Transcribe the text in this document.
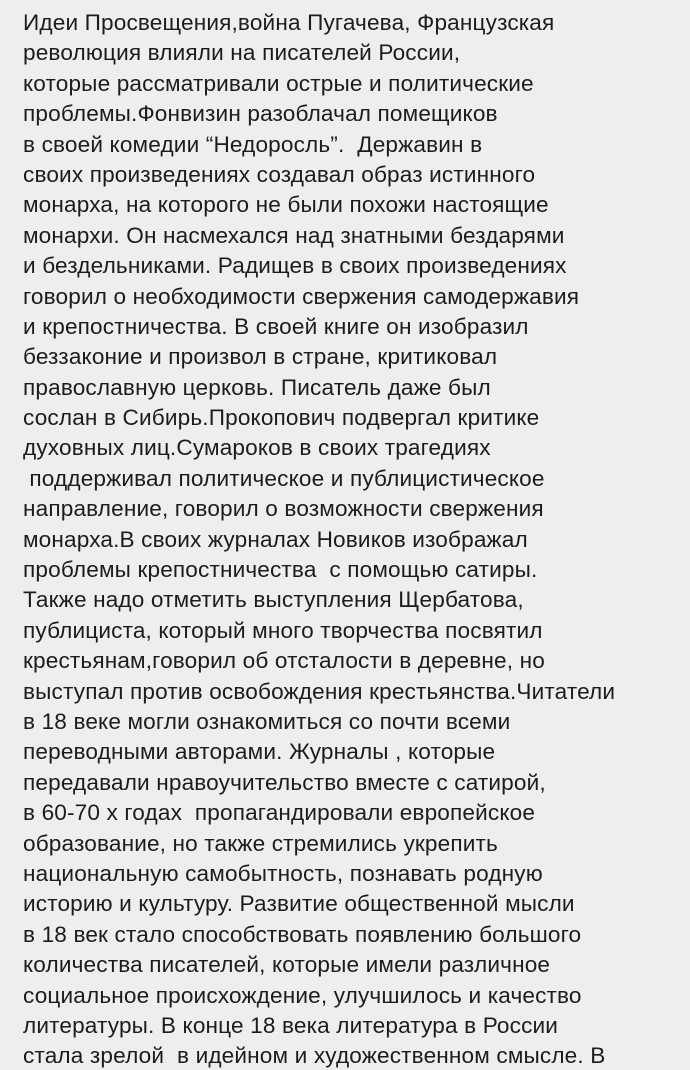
Идеи Просвещения,война Пугачева, Французская
революция влияли на писателей России,
которые рассматривали острые и политические
проблемы.Фонвизин разоблачал помещиков
в своей комедии “Недоросль”.  Державин в
своих произведениях создавал образ истинного
монарха, на которого не были похожи настоящие
монархи. Он насмехался над знатными бездарями
и бездельниками. Радищев в своих произведениях
говорил о необходимости свержения самодержавия
и крепостничества. В своей книге он изобразил
беззаконие и произвол в стране, критиковал
православную церковь. Писатель даже был
сослан в Сибирь.Прокопович подвергал критике
духовных лиц.Сумароков в своих трагедиях
поддерживал политическое и публицистическое
направление, говорил о возможности свержения
монарха.В своих журналах Новиков изображал
проблемы крепостничества  с помощью сатиры.
Также надо отметить выступления Щербатова,
публициста, который много творчества посвятил
крестьянам,говорил об отсталости в деревне, но
выступал против освобождения крестьянства.Читатели
в 18 веке могли ознакомиться со почти всеми
переводными авторами. Журналы , которые
передавали нравоучительство вместе с сатирой,
в 60-70 х годах  пропагандировали европейское
образование, но также стремились укрепить
национальную самобытность, познавать родную
историю и культуру. Развитие общественной мысли
в 18 век стало способствовать появлению большого
количества писателей, которые имели различное
социальное происхождение, улучшилось и качество
литературы. В конце 18 века литература в России
стала зрелой  в идейном и художественном смысле. В
